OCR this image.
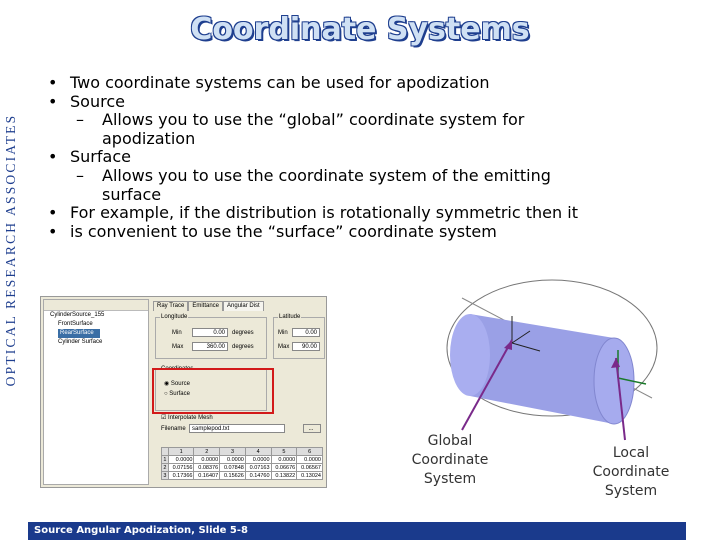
OPTICAL RESEARCH ASSOCIATES
Coordinate Systems
• Two coordinate systems can be used for apodization
• Source
– Allows you to use the “global” coordinate system for
apodization
• Surface
– Allows you to use the coordinate system of the emitting
surface
• For example, if the distribution is rotationally symmetric then it
• is convenient to use the “surface” coordinate system
CylinderSource_155
FrontSurface
RearSurface
Cylinder Surface
Ray Trace Emittance Angular Dist
Longitude
Min	0.00	degrees
Max	360.00	degrees
Latitude
Min	0.00
Max	90.00
Coordinates
◉ Source
○ Surface
☑ Interpolate Mesh
Filename	samplepod.txt	...
	1	2	3	4	5	6
1	0.0000	0.0000	0.0000	0.0000	0.0000	0.0000
2	0.07156	0.08376	0.07848	0.07163	0.06676	0.06567
3	0.17366	0.16407	0.15626	0.14760	0.13822	0.13024
Global
Coordinate
System
Local
Coordinate
System
Source Angular Apodization, Slide 5-8
